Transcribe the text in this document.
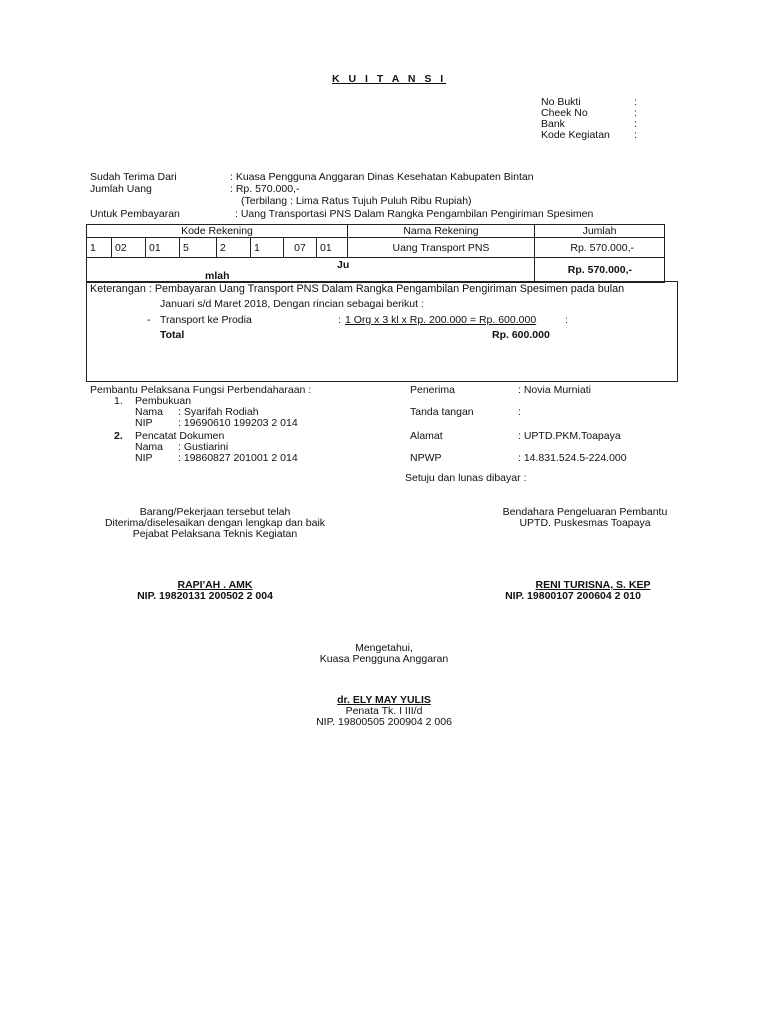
K U I T A N S I
No Bukti	:
Cheek No	:
Bank	:
Kode Kegiatan :
Sudah Terima Dari	: Kuasa Pengguna Anggaran Dinas Kesehatan Kabupaten Bintan
Jumlah Uang	: Rp. 570.000,-
(Terbilang : Lima Ratus Tujuh Puluh Ribu Rupiah)
Untuk Pembayaran	: Uang Transportasi PNS Dalam Rangka Pengambilan Pengiriman Spesimen
Kode Rekening								Nama Rekening	Jumlah
1	02	01	5	2	1	07	01	Uang Transport PNS	Rp. 570.000,-

Ju
mlah									Rp. 570.000,-
Keterangan : Pembayaran Uang Transport PNS Dalam Rangka Pengambilan Pengiriman Spesimen pada bulan
Januari s/d Maret 2018, Dengan rincian sebagai berikut :
- Transport ke Prodia	: 1 Org x 3 kl x Rp. 200.000 = Rp. 600.000	:
Total	Rp. 600.000
Pembantu Pelaksana Fungsi Perbendaharaan :
1. Pembukuan
Nama : Syarifah Rodiah
NIP : 19690610 199203 2 014
2. Pencatat Dokumen
Nama : Gustiarini
NIP : 19860827 201001 2 014
Penerima	: Novia Murniati
Tanda tangan	:
Alamat	: UPTD.PKM.Toapaya
NPWP	: 14.831.524.5-224.000
Setuju dan lunas dibayar :
Barang/Pekerjaan tersebut telah
Diterima/diselesaikan dengan lengkap dan baik
Pejabat Pelaksana Teknis Kegiatan
RAPI'AH . AMK
NIP. 19820131 200502 2 004
Bendahara Pengeluaran Pembantu
UPTD. Puskesmas Toapaya
RENI TURISNA, S. KEP
NIP. 19800107 200604 2 010
Mengetahui,
Kuasa Pengguna Anggaran
dr. ELY MAY YULIS
Penata Tk. I III/d
NIP. 19800505 200904 2 006
